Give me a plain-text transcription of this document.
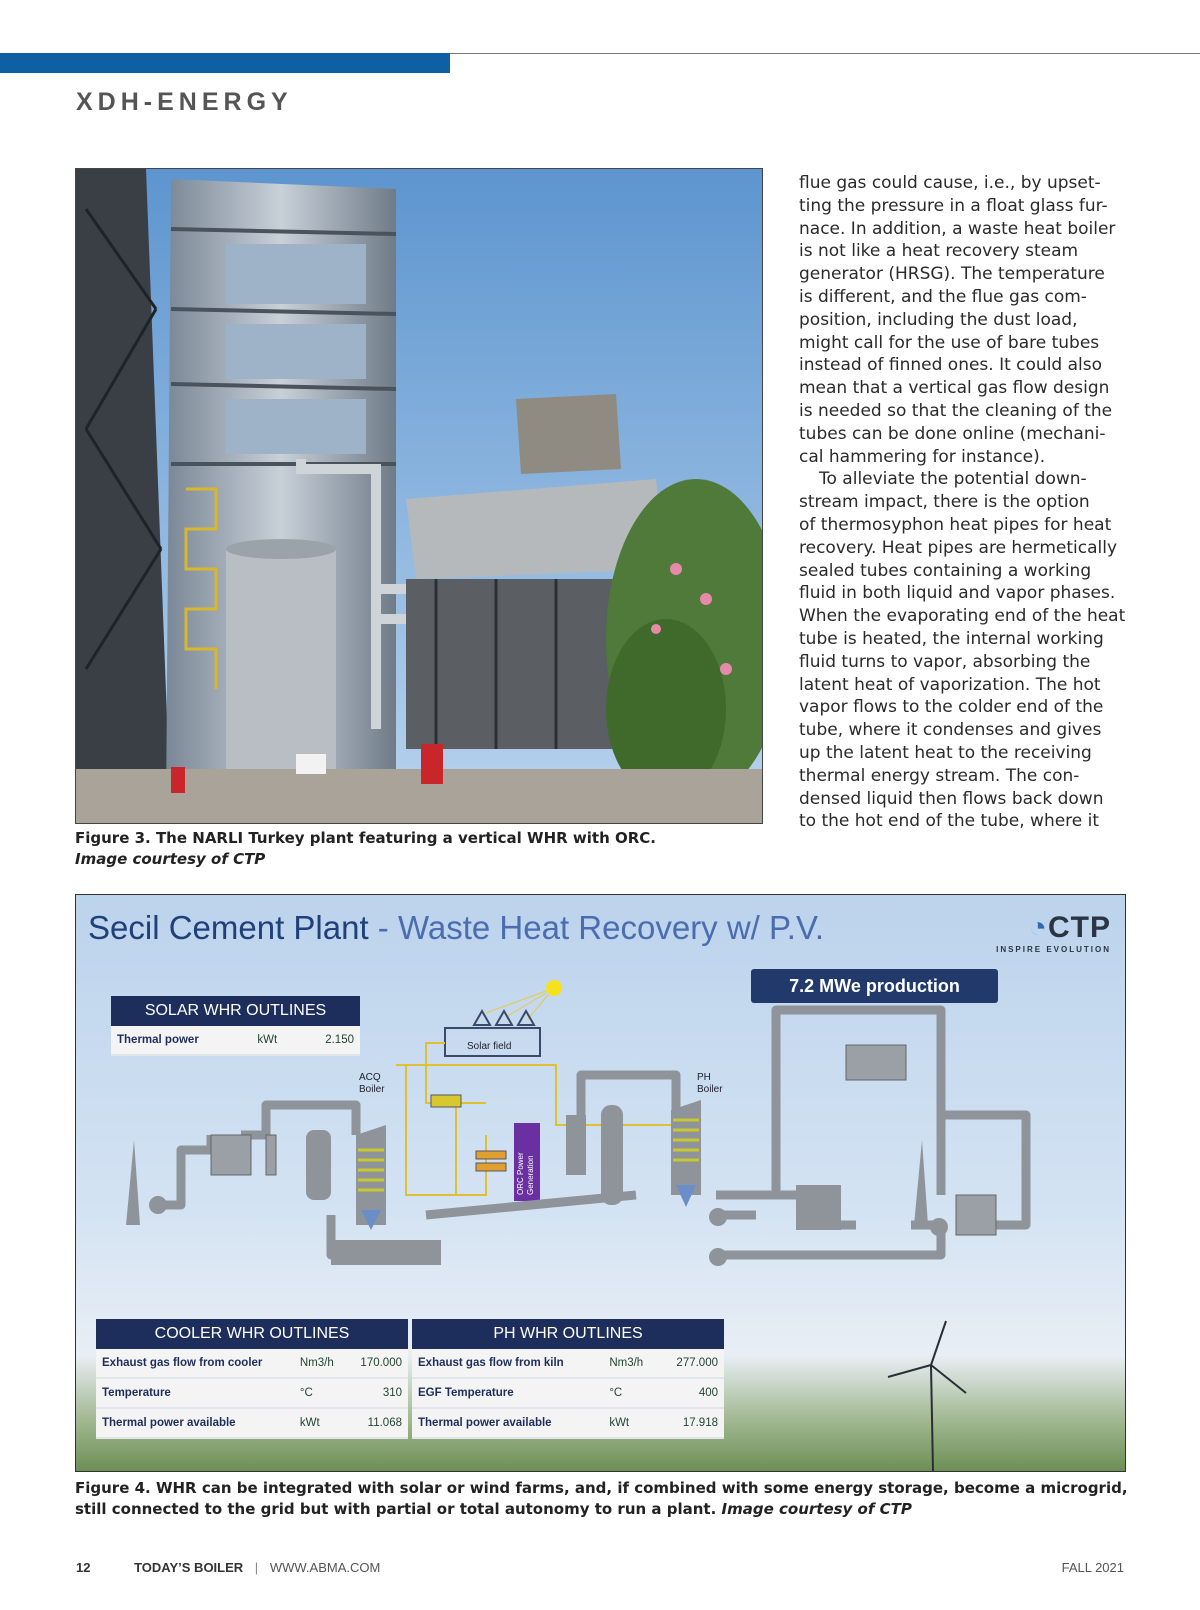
XDH-ENERGY
Figure 3. The NARLI Turkey plant featuring a vertical WHR with ORC.
Image courtesy of CTP
flue gas could cause, i.e., by upset-
ting the pressure in a float glass fur-
nace. In addition, a waste heat boiler
is not like a heat recovery steam
generator (HRSG). The temperature
is different, and the flue gas com-
position, including the dust load,
might call for the use of bare tubes
instead of finned ones. It could also
mean that a vertical gas flow design
is needed so that the cleaning of the
tubes can be done online (mechani-
cal hammering for instance).
To alleviate the potential down-
stream impact, there is the option
of thermosyphon heat pipes for heat
recovery. Heat pipes are hermetically
sealed tubes containing a working
fluid in both liquid and vapor phases.
When the evaporating end of the heat
tube is heated, the internal working
fluid turns to vapor, absorbing the
latent heat of vaporization. The hot
vapor flows to the colder end of the
tube, where it condenses and gives
up the latent heat to the receiving
thermal energy stream. The con-
densed liquid then flows back down
to the hot end of the tube, where it
Solar field
ORC Power Generation
ACQ
Boiler
PH
Boiler
Secil Cement Plant - Waste Heat Recovery w/ P.V.	◔CTP
INSPIRE EVOLUTION
7.2 MWe production
SOLAR WHR OUTLINES
Thermal power	kWt	2.150
COOLER WHR OUTLINES		
Exhaust gas flow from cooler	Nm3/h	170.000
Temperature	°C	310
Thermal power available	kWt	11.068
PH WHR OUTLINES		
Exhaust gas flow from kiln	Nm3/h	277.000
EGF Temperature	°C	400
Thermal power available	kWt	17.918
Figure 4. WHR can be integrated with solar or wind farms, and, if combined with some energy storage, become a microgrid, still connected to the grid but with partial or total autonomy to run a plant. Image courtesy of CTP
12	TODAY’S BOILER | WWW.ABMA.COM	FALL 2021
